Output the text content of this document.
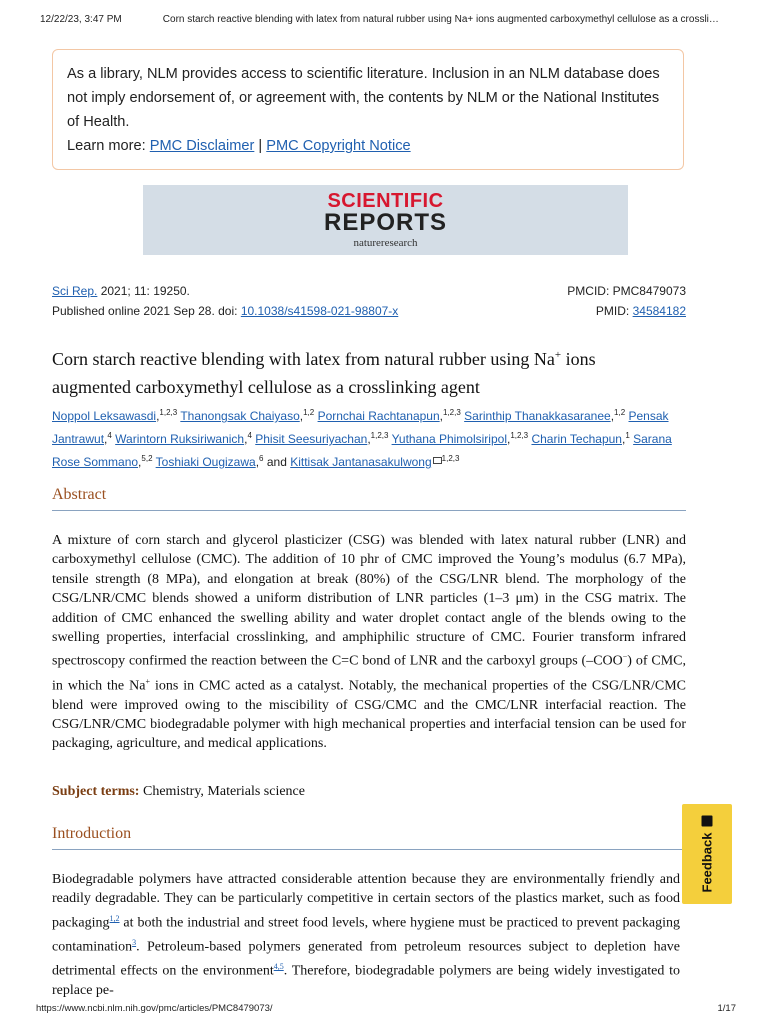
12/22/23, 3:47 PM	Corn starch reactive blending with latex from natural rubber using Na+ ions augmented carboxymethyl cellulose as a crossli…
As a library, NLM provides access to scientific literature. Inclusion in an NLM database does not imply endorsement of, or agreement with, the contents by NLM or the National Institutes of Health.
Learn more: PMC Disclaimer | PMC Copyright Notice
SCIENTIFIC
REPORTS
natureresearch
Sci Rep. 2021; 11: 19250.	PMCID: PMC8479073
Published online 2021 Sep 28. doi: 10.1038/s41598-021-98807-x	PMID: 34584182
Corn starch reactive blending with latex from natural rubber using Na+ ions augmented carboxymethyl cellulose as a crosslinking agent
Noppol Leksawasdi,$^{1,2,3}$ Thanongsak Chaiyaso,$^{1,2}$ Pornchai Rachtanapun,$^{1,2,3}$ Sarinthip Thanakkasaranee,$^{1,2}$ Pensak Jantrawut,$^4$ Warintorn Ruksiriwanich,$^4$ Phisit Seesuriyachan,$^{1,2,3}$ Yuthana Phimolsiripol,$^{1,2,3}$ Charin Techapun,$^1$ Sarana Rose Sommano,$^{5,2}$ Toshiaki Ougizawa,$^6$ and Kittisak Jantanasakulwong $^{1,2,3}$
Abstract
A mixture of corn starch and glycerol plasticizer (CSG) was blended with latex natural rubber (LNR) and carboxymethyl cellulose (CMC). The addition of 10 phr of CMC improved the Young’s modulus (6.7 MPa), tensile strength (8 MPa), and elongation at break (80%) of the CSG/LNR blend. The morphology of the CSG/LNR/CMC blends showed a uniform distribution of LNR particles (1–3 μm) in the CSG matrix. The addition of CMC enhanced the swelling ability and water droplet contact angle of the blends owing to the swelling properties, interfacial crosslinking, and amphiphilic structure of CMC. Fourier transform infrared spectroscopy confirmed the reaction between the C=C bond of LNR and the carboxyl groups (–COO−) of CMC, in which the Na+ ions in CMC acted as a catalyst. Notably, the mechanical properties of the CSG/LNR/CMC blend were improved owing to the miscibility of CSG/CMC and the CMC/LNR interfacial reaction. The CSG/LNR/CMC biodegradable polymer with high mechanical properties and interfacial tension can be used for packaging, agriculture, and medical applications.
Subject terms: Chemistry, Materials science
Introduction
Biodegradable polymers have attracted considerable attention because they are environmentally friendly and readily degradable. They can be particularly competitive in certain sectors of the plastics market, such as food packaging$^{1,2}$ at both the industrial and street food levels, where hygiene must be practiced to prevent packaging contamination$^3$. Petroleum-based polymers generated from petroleum resources subject to depletion have detrimental effects on the environment$^{4,5}$. Therefore, biodegradable polymers are being widely investigated to replace pe-
Feedback
https://www.ncbi.nlm.nih.gov/pmc/articles/PMC8479073/	1/17
